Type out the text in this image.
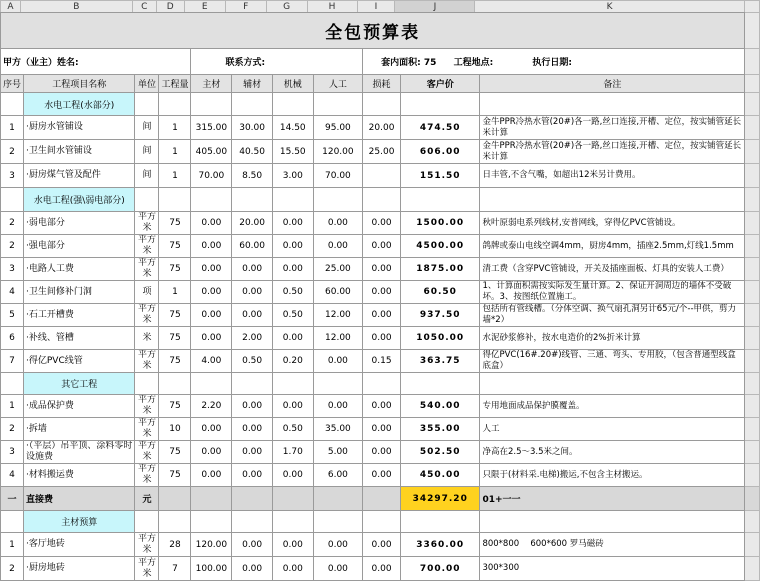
A	B	C	D	E	F	G	H	I	J	K	
全包预算表											
甲方（业主）姓名:				联系方式:				套内面积: 75 工程地点: 执行日期:			
序号	工程项目名称	单位	工程量	主材	辅材	机械	人工	损耗	客户价	备注	
	水电工程(水部分)										
1	·厨房水管铺设	间	1	315.00	30.00	14.50	95.00	20.00	474.50	金牛PPR冷热水管(20#)各一路,丝口连接,开槽、定位，按实铺管延长米计算	
2	·卫生间水管铺设	间	1	405.00	40.50	15.50	120.00	25.00	606.00	金牛PPR冷热水管(20#)各一路,丝口连接,开槽、定位，按实铺管延长米计算	
3	·厨房煤气管及配件	间	1	70.00	8.50	3.00	70.00		151.50	日丰管,不含气嘴，如超出12米另计费用。	
	水电工程(强\弱电部分)										
2	·弱电部分	平方米	75	0.00	20.00	0.00	0.00	0.00	1500.00	秋叶原弱电系列线材,安普网线，穿得亿PVC管铺设。	
2	·强电部分	平方米	75	0.00	60.00	0.00	0.00	0.00	4500.00	鸽牌或泰山电线空调4mm，厨房4mm，插座2.5mm,灯线1.5mm	
3	·电路人工费	平方米	75	0.00	0.00	0.00	25.00	0.00	1875.00	清工费（含穿PVC管铺设，开关及插座面板、灯具的安装人工费）	
4	·卫生间修补门洞	项	1	0.00	0.00	0.50	60.00	0.00	60.50	1、计算面积需按实际发生量计算。2、保证开洞周边的墙体不受破坏。3、按图纸位置施工。	
5	·石工开槽费	平方米	75	0.00	0.00	0.50	12.00	0.00	937.50	包括所有管线槽。（分体空调、换气扇孔洞另计65元/个--甲供，剪力墙*2）	
6	·补线、管槽	米	75	0.00	2.00	0.00	12.00	0.00	1050.00	水泥砂浆修补，按水电造价的2%折米计算	
7	·得亿PVC线管	平方米	75	4.00	0.50	0.20	0.00	0.15	363.75	得亿PVC(16#.20#)线管、三通、弯头、专用胶，（包含普通型线盒底盒）	
	其它工程										
1	·成品保护费	平方米	75	2.20	0.00	0.00	0.00	0.00	540.00	专用地面成品保护膜覆盖。	
2	·拆墙	平方米	10	0.00	0.00	0.50	35.00	0.00	355.00	人工	
3	·（平层）吊平顶、涂料零时设施费	平方米	75	0.00	0.00	1.70	5.00	0.00	502.50	净高在2.5～3.5米之间。	
4	·材料搬运费	平方米	75	0.00	0.00	0.00	6.00	0.00	450.00	只限于(材料采.电梯)搬运,不包含主材搬运。	
一	直接费	元							34297.20	01+一一	
	主材预算										
1	·客厅地砖	平方米	28	120.00	0.00	0.00	0.00	0.00	3360.00	800*800　 600*600 罗马磁砖	
2	·厨房地砖	平方米	7	100.00	0.00	0.00	0.00	0.00	700.00	300*300	
